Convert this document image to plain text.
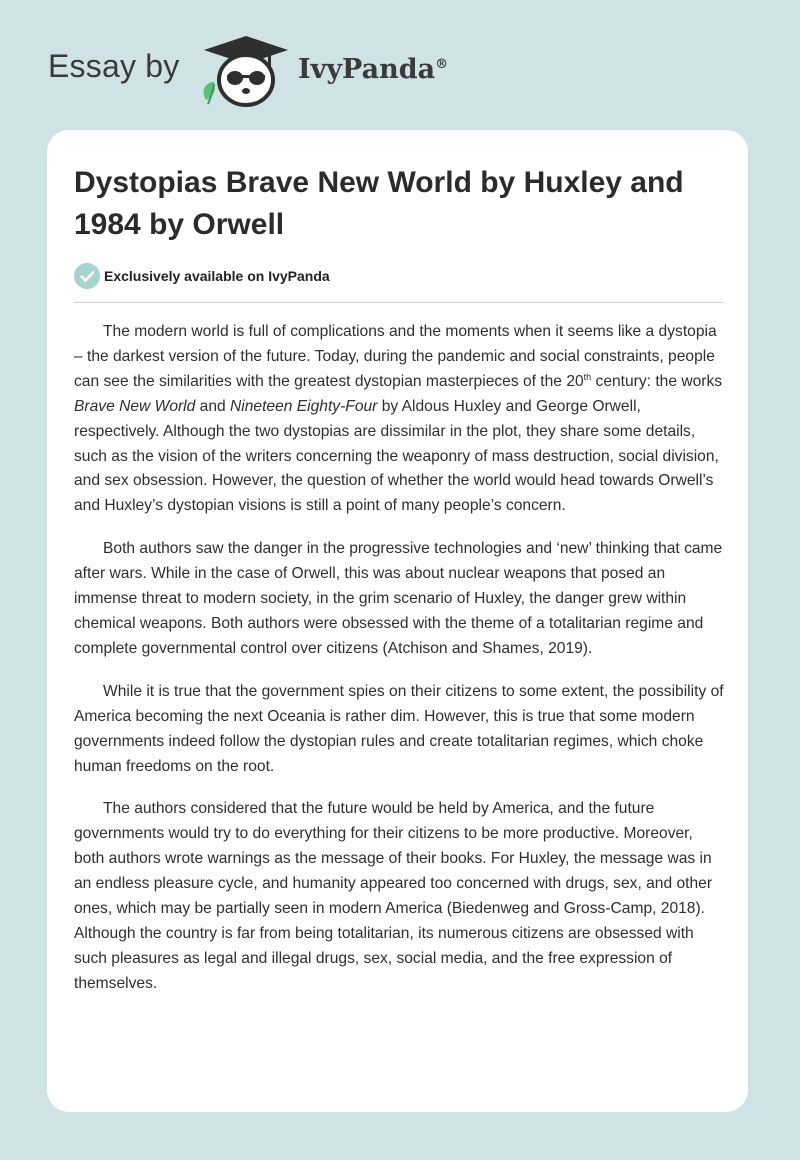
Essay by	IvyPanda®
Dystopias Brave New World by Huxley and 1984 by Orwell
Exclusively available on IvyPanda

The modern world is full of complications and the moments when it seems like a dystopia – the darkest version of the future. Today, during the pandemic and social constraints, people can see the similarities with the greatest dystopian masterpieces of the 20th century: the works Brave New World and Nineteen Eighty-Four by Aldous Huxley and George Orwell, respectively. Although the two dystopias are dissimilar in the plot, they share some details, such as the vision of the writers concerning the weaponry of mass destruction, social division, and sex obsession. However, the question of whether the world would head towards Orwell’s and Huxley’s dystopian visions is still a point of many people’s concern.

Both authors saw the danger in the progressive technologies and ‘new’ thinking that came after wars. While in the case of Orwell, this was about nuclear weapons that posed an immense threat to modern society, in the grim scenario of Huxley, the danger grew within chemical weapons. Both authors were obsessed with the theme of a totalitarian regime and complete governmental control over citizens (Atchison and Shames, 2019).

While it is true that the government spies on their citizens to some extent, the possibility of America becoming the next Oceania is rather dim. However, this is true that some modern governments indeed follow the dystopian rules and create totalitarian regimes, which choke human freedoms on the root.

The authors considered that the future would be held by America, and the future governments would try to do everything for their citizens to be more productive. Moreover, both authors wrote warnings as the message of their books. For Huxley, the message was in an endless pleasure cycle, and humanity appeared too concerned with drugs, sex, and other ones, which may be partially seen in modern America (Biedenweg and Gross-Camp, 2018). Although the country is far from being totalitarian, its numerous citizens are obsessed with such pleasures as legal and illegal drugs, sex, social media, and the free expression of themselves.
